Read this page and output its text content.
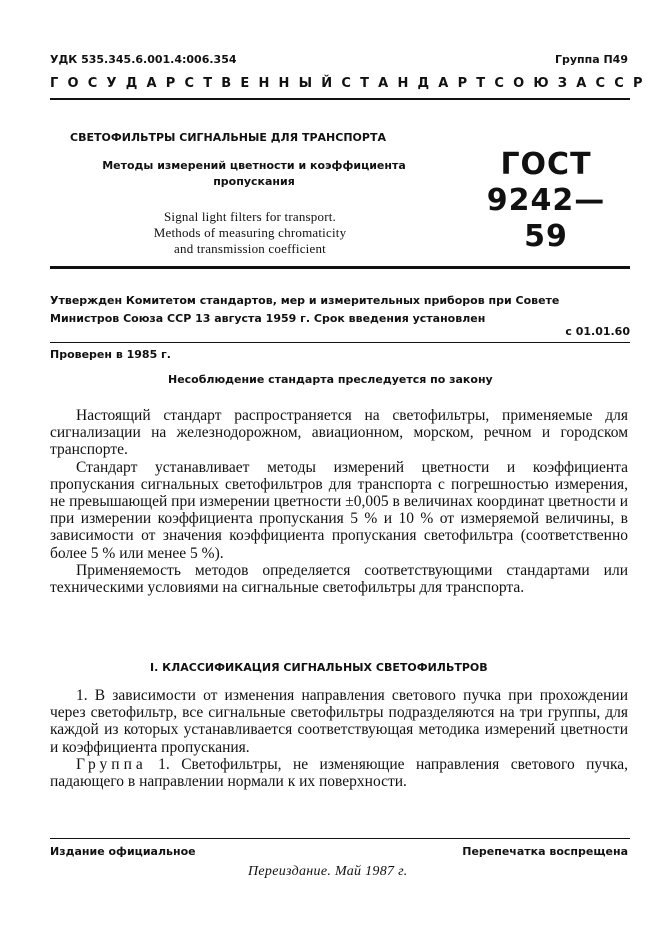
УДК 535.345.6.001.4:006.354	Группа П49
ГОСУДАРСТВЕННЫЙ СТАНДАРТ СОЮЗА ССР
СВЕТОФИЛЬТРЫ СИГНАЛЬНЫЕ ДЛЯ ТРАНСПОРТА
Методы измерений цветности и коэффициента
пропускания
Signal light filters for transport.
Methods of measuring chromaticity
and transmission coefficient
ГОСТ
9242—59
Утвержден Комитетом стандартов, мер и измерительных приборов при Совете
Министров Союза ССР 13 августа 1959 г. Срок введения установлен
с 01.01.60
Проверен в 1985 г.
Несоблюдение стандарта преследуется по закону

Настоящий стандарт распространяется на светофильтры, применяемые для сигнализации на железнодорожном, авиационном, морском, речном и городском транспорте.

Стандарт устанавливает методы измерений цветности и коэффициента пропускания сигнальных светофильтров для транспорта с погрешностью измерения, не превышающей при измерении цветности ±0,005 в величинах координат цветности и при измерении коэффициента пропускания 5 % и 10 % от измеряемой величины, в зависимости от значения коэффициента пропускания светофильтра (соответственно более 5 % или менее 5 %).

Применяемость методов определяется соответствующими стандартами или техническими условиями на сигнальные светофильтры для транспорта.

I. КЛАССИФИКАЦИЯ СИГНАЛЬНЫХ СВЕТОФИЛЬТРОВ

1. В зависимости от изменения направления светового пучка при прохождении через светофильтр, все сигнальные светофильтры подразделяются на три группы, для каждой из которых устанавливается соответствующая методика измерений цветности и коэффициента пропускания.

Группа 1. Светофильтры, не изменяющие направления светового пучка, падающего в направлении нормали к их поверхности.

Издание официальное	Перепечатка воспрещена
Переиздание. Май 1987 г.
